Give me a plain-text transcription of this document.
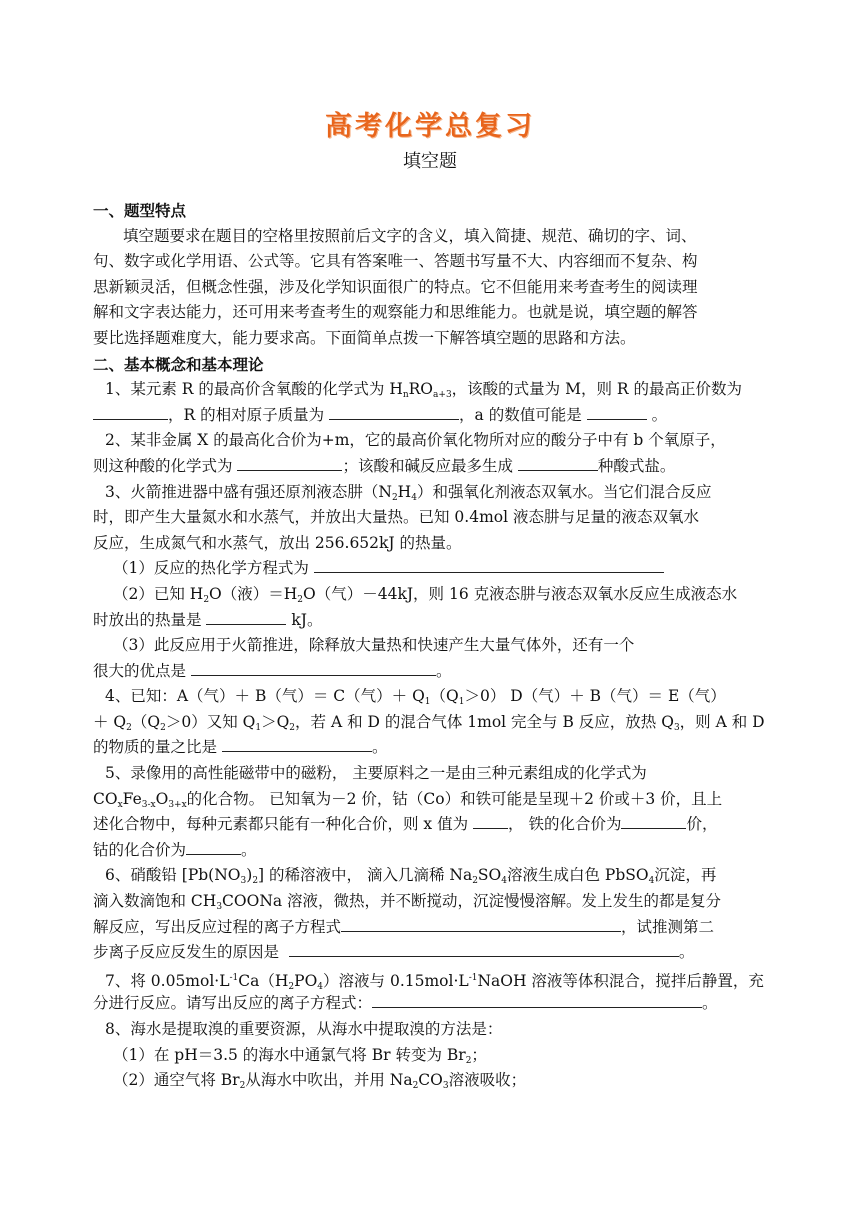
高考化学总复习
填空题
一、题型特点
填空题要求在题目的空格里按照前后文字的含义，填入简捷、规范、确切的字、词、
句、数字或化学用语、公式等。它具有答案唯一、答题书写量不大、内容细而不复杂、构
思新颖灵活，但概念性强，涉及化学知识面很广的特点。它不但能用来考查考生的阅读理
解和文字表达能力，还可用来考查考生的观察能力和思维能力。也就是说，填空题的解答
要比选择题难度大，能力要求高。下面简单点拨一下解答填空题的思路和方法。
二、基本概念和基本理论
1、某元素 R 的最高价含氧酸的化学式为 $H_nRO_{a+3}$，该酸的式量为 M，则 R 的最高正价数为
，R 的相对原子质量为	，a 的数值可能是	。
2、某非金属 X 的最高化合价为+m，它的最高价氧化物所对应的酸分子中有 b 个氧原子，
则这种酸的化学式为	；该酸和碱反应最多生成	种酸式盐。
3、火箭推进器中盛有强还原剂液态肼$(N_2H_4)$和强氧化剂液态双氧水。当它们混合反应
时，即产生大量氮水和水蒸气，并放出大量热。已知 0.4mol 液态肼与足量的液态双氧水
反应，生成氮气和水蒸气，放出 256.652kJ 的热量。
（1）反应的热化学方程式为
（2）已知 $H_2O$（液）$=H_2O$（气）－44kJ，则 16 克液态肼与液态双氧水反应生成液态水
时放出的热量是	kJ。
（3）此反应用于火箭推进，除释放大量热和快速产生大量气体外，还有一个
很大的优点是	。
4、已知：A（气）＋ B（气）＝ C（气）＋ $Q_1(Q_1>0)$ D（气）＋ B（气）＝ E（气）
＋ $Q_2(Q_2>0)$又知 $Q_1>Q_2$，若 A 和 D 的混合气体 1mol 完全与 B 反应，放热 $Q_3$，则 A 和 D
的物质的量之比是	。
5、录像用的高性能磁带中的磁粉， 主要原料之一是由三种元素组成的化学式为
$CO_xFe_{3-x}O_{3+x}$的化合物。 已知氧为－2 价，钴（Co）和铁可能是呈现＋2 价或＋3 价，且上
述化合物中，每种元素都只能有一种化合价，则 x 值为	， 铁的化合价为	价，
钴的化合价为	。
6、硝酸铅 $[Pb(NO_3)_2]$ 的稀溶液中， 滴入几滴稀 $Na_2SO_4$溶液生成白色 PbSO$_4$沉淀，再
滴入数滴饱和 $CH_3COONa$ 溶液，微热，并不断搅动，沉淀慢慢溶解。发上发生的都是复分
解反应，写出反应过程的离子方程式	，试推测第二
步离子反应反发生的原因是	。
7、将 $0.05mol\cdot L^{-1}Ca(H_2PO_4)$溶液与 $0.15mol\cdot L^{-1}NaOH$ 溶液等体积混合，搅拌后静置，充
分进行反应。请写出反应的离子方程式：	。
8、海水是提取溴的重要资源，从海水中提取溴的方法是：
（1）在 pH＝3.5 的海水中通氯气将 Br 转变为 $Br_2$；
（2）通空气将 $Br_2$从海水中吹出，并用 $Na_2CO_3$溶液吸收；
